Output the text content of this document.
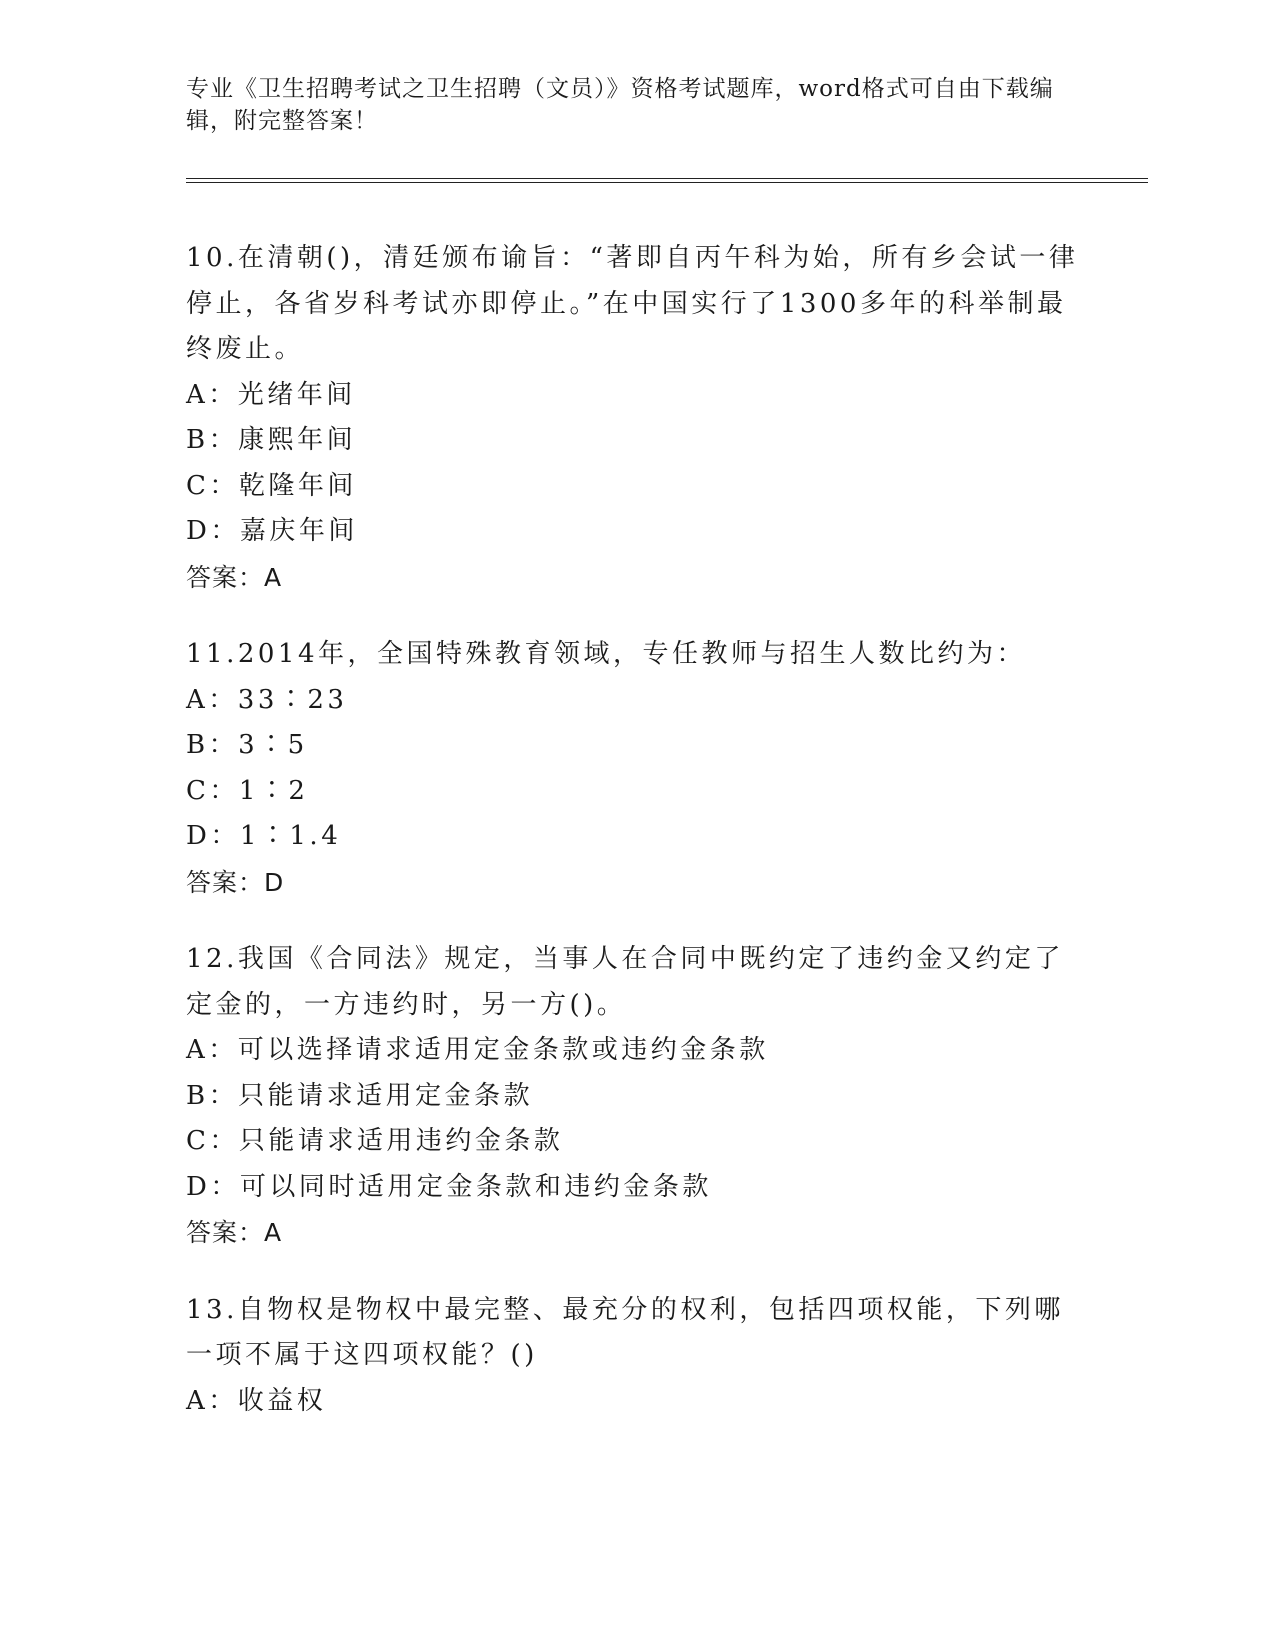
专业《卫生招聘考试之卫生招聘（文员）》资格考试题库，word格式可自由下载编辑，附完整答案！

10.在清朝()，清廷颁布谕旨：“著即自丙午科为始，所有乡会试一律停止，各省岁科考试亦即停止。”在中国实行了1300多年的科举制最终废止。

A：光绪年间

B：康熙年间

C：乾隆年间

D：嘉庆年间

答案：A

11.2014年，全国特殊教育领域，专任教师与招生人数比约为：

A：33∶23

B：3∶5

C：1∶2

D：1∶1.4

答案：D

12.我国《合同法》规定，当事人在合同中既约定了违约金又约定了定金的，一方违约时，另一方()。

A：可以选择请求适用定金条款或违约金条款

B：只能请求适用定金条款

C：只能请求适用违约金条款

D：可以同时适用定金条款和违约金条款

答案：A

13.自物权是物权中最完整、最充分的权利，包括四项权能，下列哪一项不属于这四项权能？()

A：收益权
